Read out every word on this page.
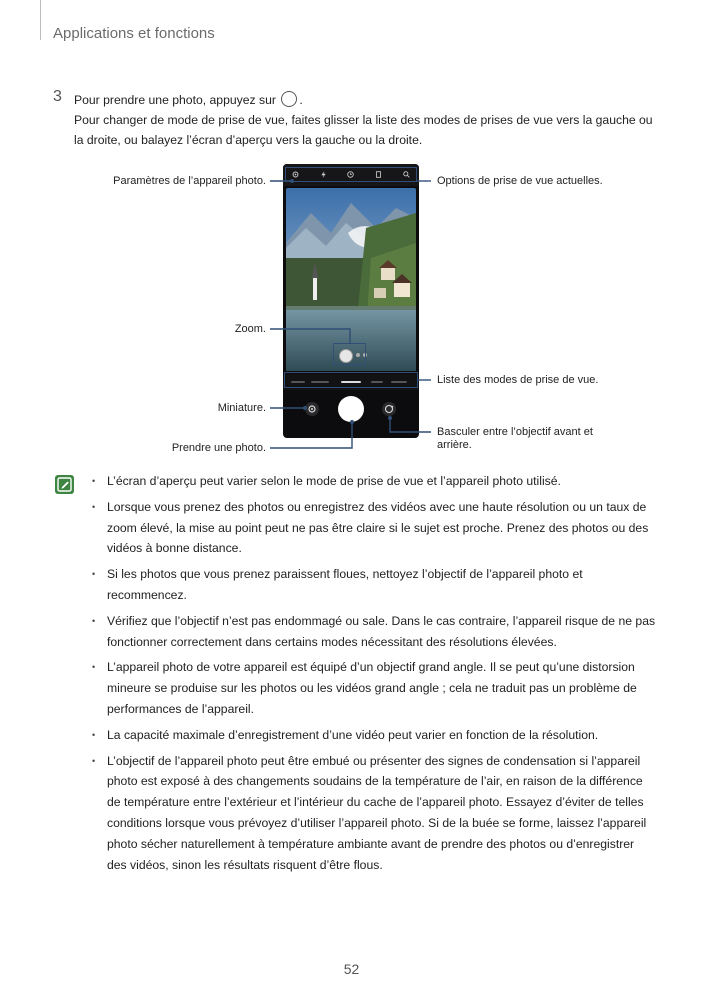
Applications et fonctions
3 Pour prendre une photo, appuyez sur .
Pour changer de mode de prise de vue, faites glisser la liste des modes de prises de vue vers la gauche ou la droite, ou balayez l’écran d’aperçu vers la gauche ou la droite.
Paramètres de l’appareil photo.	Options de prise de vue actuelles.
Zoom.
Liste des modes de prise de vue.
Miniature.
Basculer entre l’objectif avant et arrière.
Prendre une photo.
• L’écran d’aperçu peut varier selon le mode de prise de vue et l’appareil photo utilisé.
• Lorsque vous prenez des photos ou enregistrez des vidéos avec une haute résolution ou un taux de zoom élevé, la mise au point peut ne pas être claire si le sujet est proche. Prenez des photos ou des vidéos à bonne distance.
• Si les photos que vous prenez paraissent floues, nettoyez l’objectif de l’appareil photo et recommencez.
• Vérifiez que l’objectif n’est pas endommagé ou sale. Dans le cas contraire, l’appareil risque de ne pas fonctionner correctement dans certains modes nécessitant des résolutions élevées.
• L’appareil photo de votre appareil est équipé d’un objectif grand angle. Il se peut qu’une distorsion mineure se produise sur les photos ou les vidéos grand angle ; cela ne traduit pas un problème de performances de l’appareil.
• La capacité maximale d’enregistrement d’une vidéo peut varier en fonction de la résolution.
• L’objectif de l’appareil photo peut être embué ou présenter des signes de condensation si l’appareil photo est exposé à des changements soudains de la température de l’air, en raison de la différence de température entre l’extérieur et l’intérieur du cache de l’appareil photo. Essayez d’éviter de telles conditions lorsque vous prévoyez d’utiliser l’appareil photo. Si de la buée se forme, laissez l’appareil photo sécher naturellement à température ambiante avant de prendre des photos ou d’enregistrer des vidéos, sinon les résultats risquent d’être flous.
52
